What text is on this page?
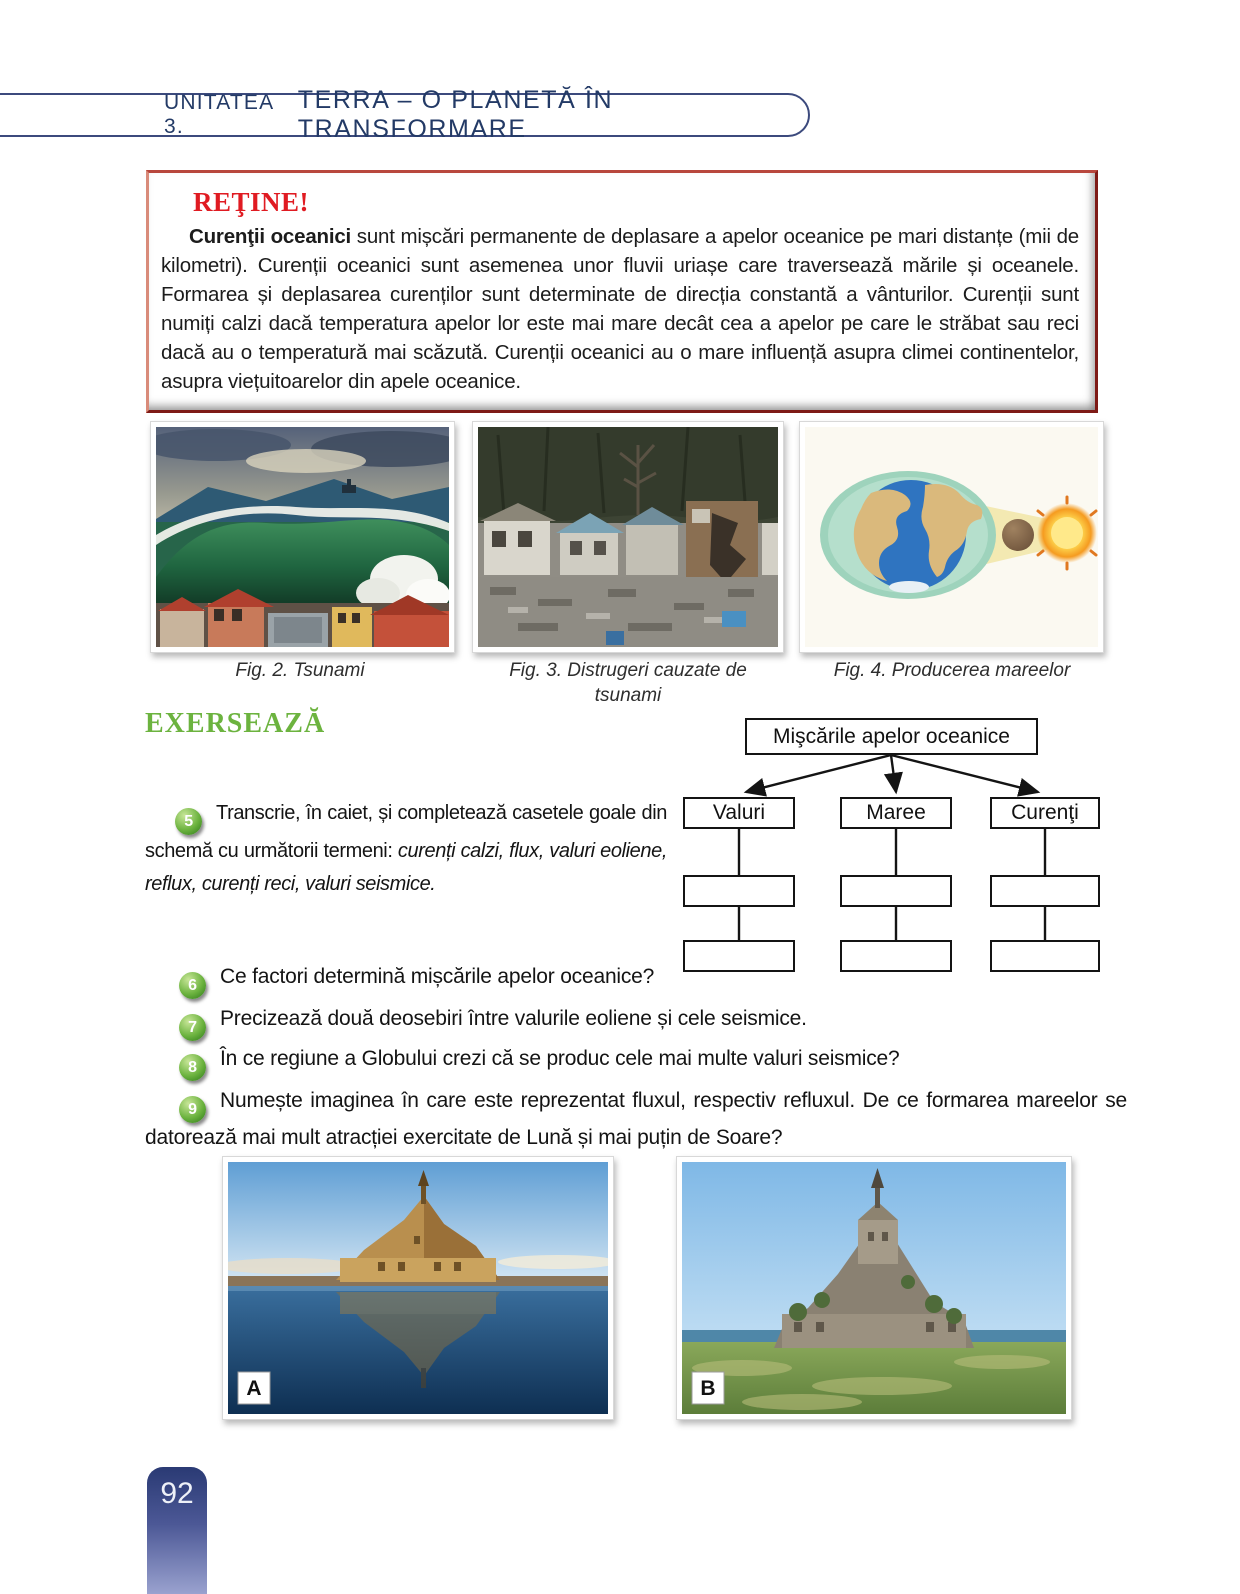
UNITATEA 3.
TERRA – O PLANETĂ ÎN TRANSFORMARE
REŢINE!

Curenţii oceanici sunt mișcări permanente de deplasare a apelor oceanice pe mari distanțe (mii de kilometri). Curenții oceanici sunt asemenea unor fluvii uriașe care traversează mările și oceanele. Formarea și deplasarea curenților sunt determinate de direcția constantă a vânturilor. Curenții sunt numiți calzi dacă temperatura apelor lor este mai mare decât cea a apelor pe care le străbat sau reci dacă au o temperatură mai scăzută. Curenții oceanici au o mare influență asupra climei continentelor, asupra viețuitoarelor din apele oceanice.

Fig. 2. Tsunami	Fig. 3. Distrugeri cauzate de tsunami
Fig. 4. Producerea mareelor
EXERSEAZĂ	Mişcările apelor oceanice
Valuri	Maree	Curenţi
5 Transcrie, în caiet, și completează casetele goale din schemă cu următorii termeni: curenți calzi, flux, valuri eoliene, reflux, curenți reci, valuri seismice.
6 Ce factori determină mișcările apelor oceanice?
7 Precizează două deosebiri între valurile eoliene și cele seismice.
8 În ce regiune a Globului crezi că se produc cele mai multe valuri seismice?
9 Numește imaginea în care este reprezentat fluxul, respectiv refluxul. De ce formarea mareelor se datorează mai mult atracției exercitate de Lună și mai puțin de Soare?
A	B
92
